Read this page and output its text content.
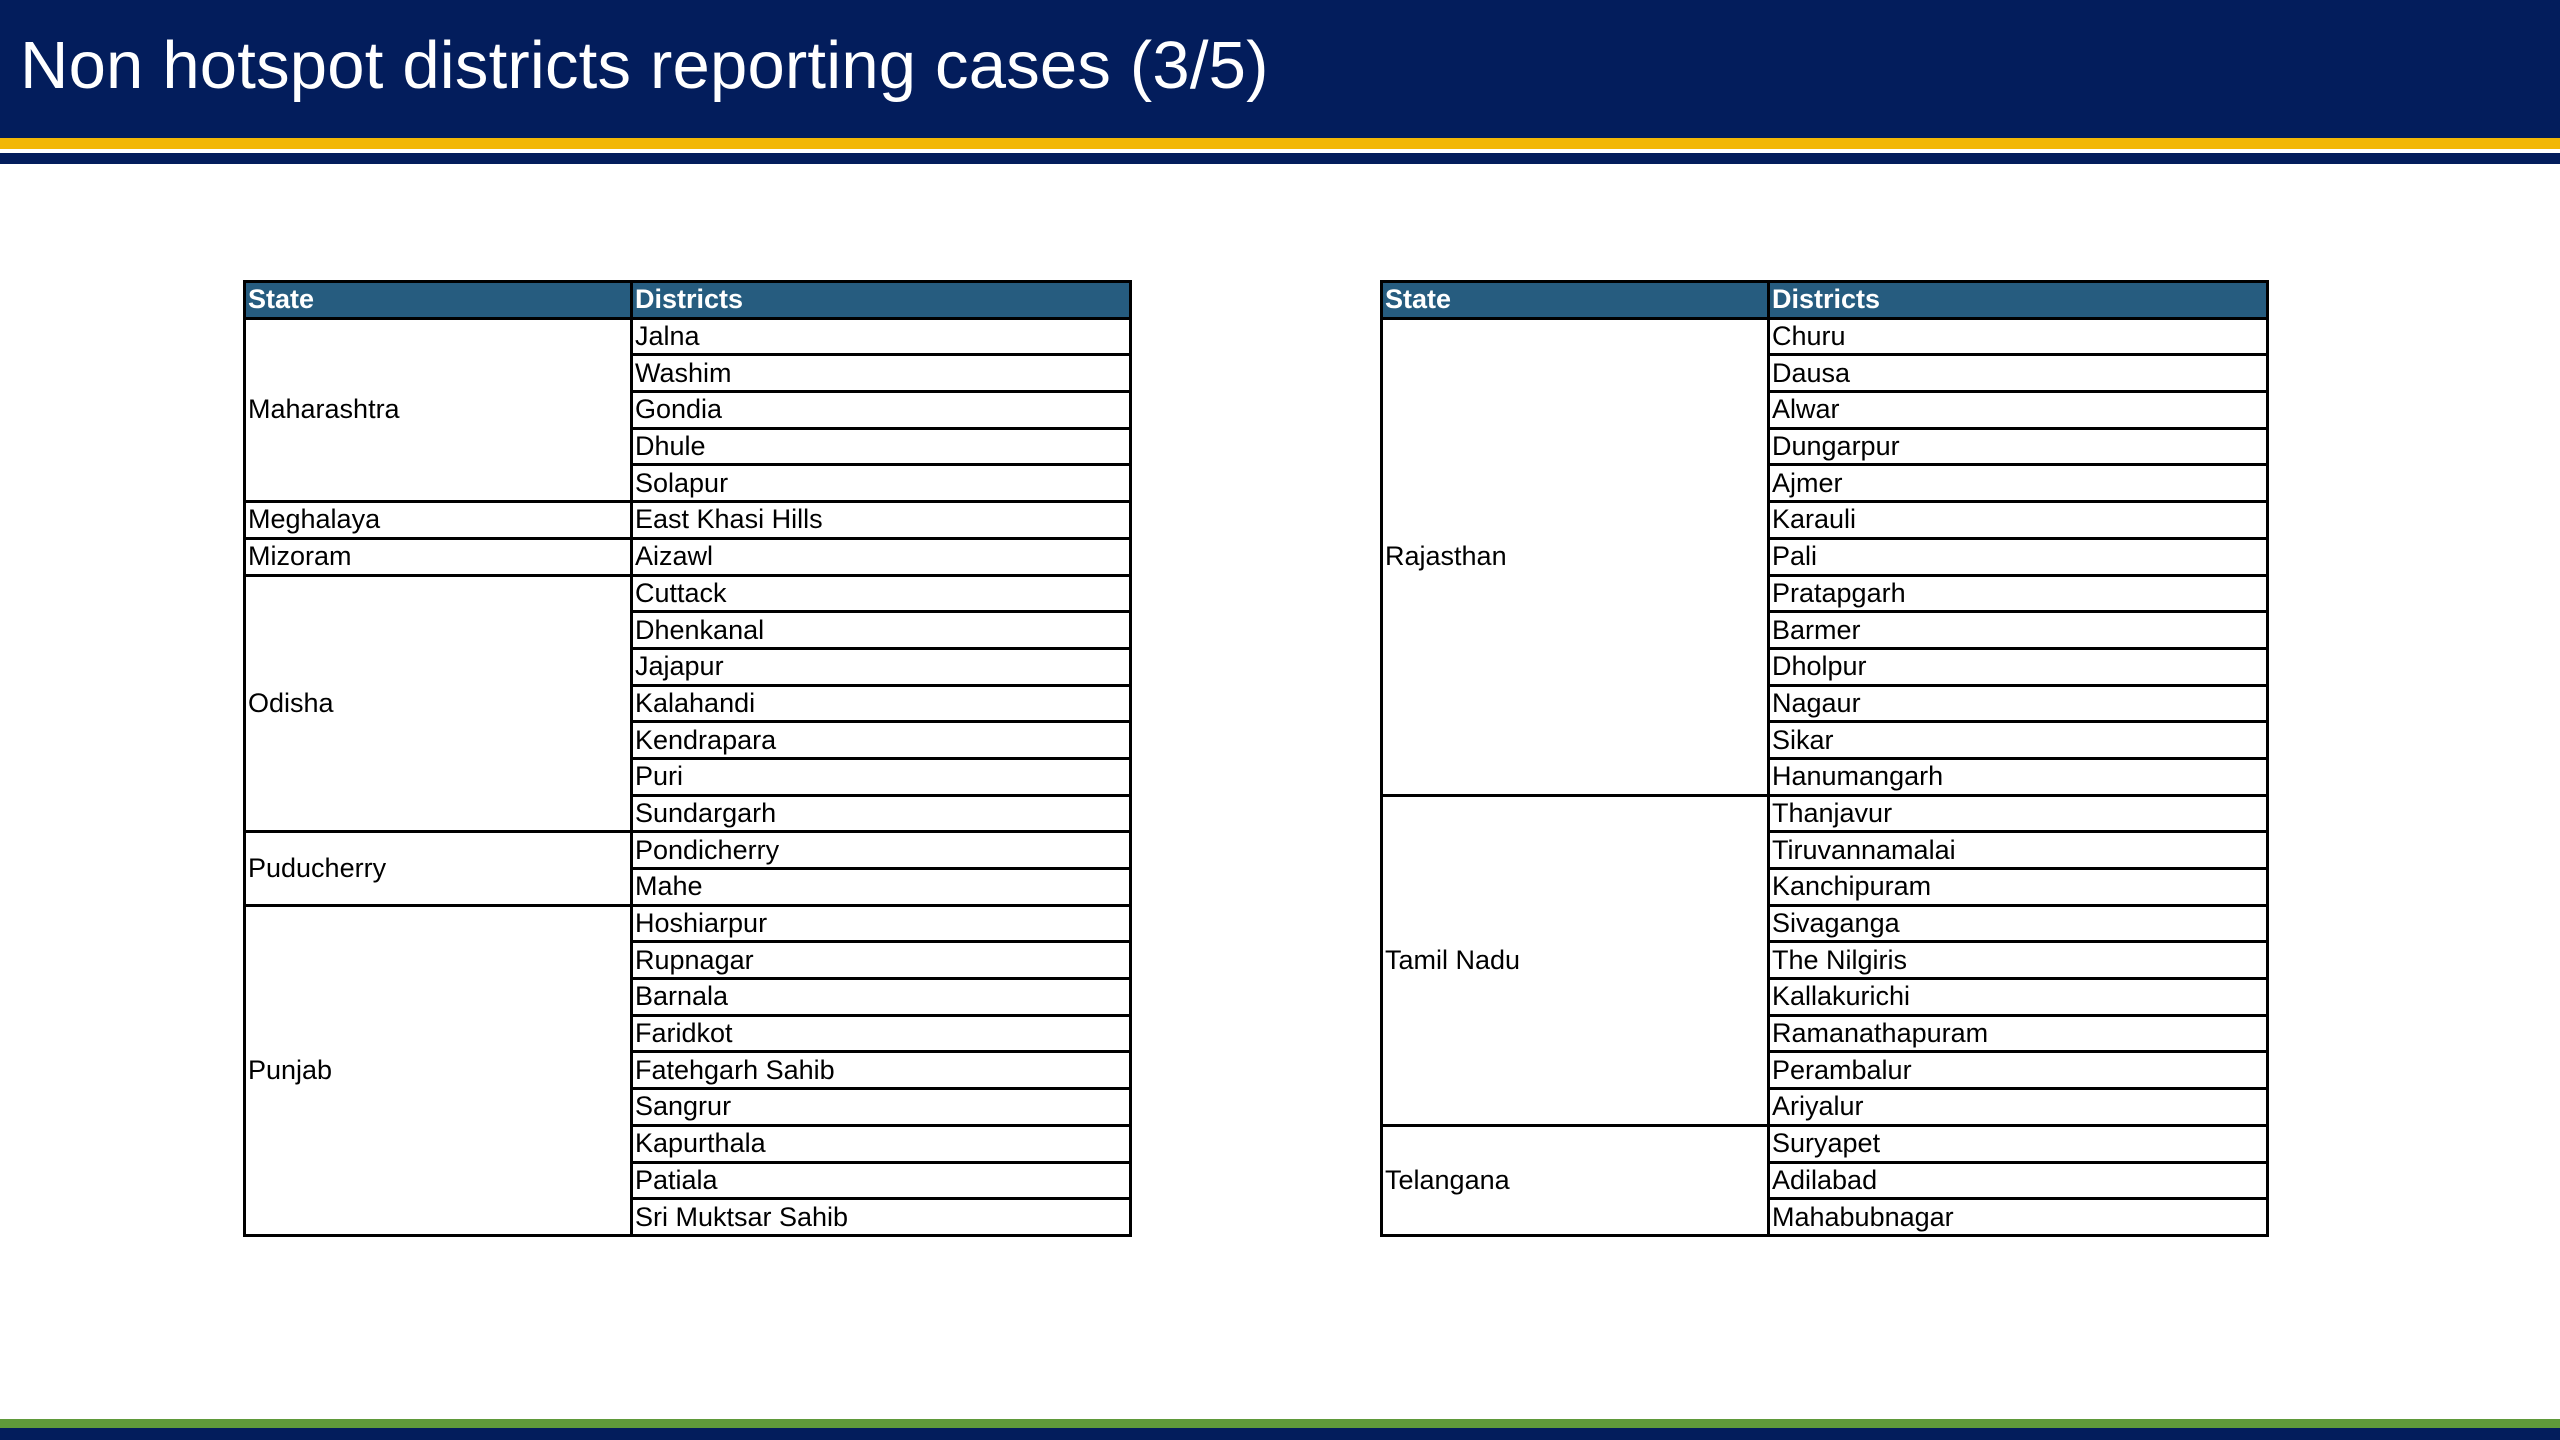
Non hotspot districts reporting cases (3/5)
State	Districts
Maharashtra	Jalna
	Washim
	Gondia
	Dhule
	Solapur
Meghalaya	East Khasi Hills
Mizoram	Aizawl
Odisha	Cuttack
	Dhenkanal
	Jajapur
	Kalahandi
	Kendrapara
	Puri
	Sundargarh
Puducherry	Pondicherry
	Mahe
Punjab	Hoshiarpur
	Rupnagar
	Barnala
	Faridkot
	Fatehgarh Sahib
	Sangrur
	Kapurthala
	Patiala
	Sri Muktsar Sahib
State	Districts
Rajasthan	Churu
	Dausa
	Alwar
	Dungarpur
	Ajmer
	Karauli
	Pali
	Pratapgarh
	Barmer
	Dholpur
	Nagaur
	Sikar
	Hanumangarh
Tamil Nadu	Thanjavur
	Tiruvannamalai
	Kanchipuram
	Sivaganga
	The Nilgiris
	Kallakurichi
	Ramanathapuram
	Perambalur
	Ariyalur
Telangana	Suryapet
	Adilabad
	Mahabubnagar
